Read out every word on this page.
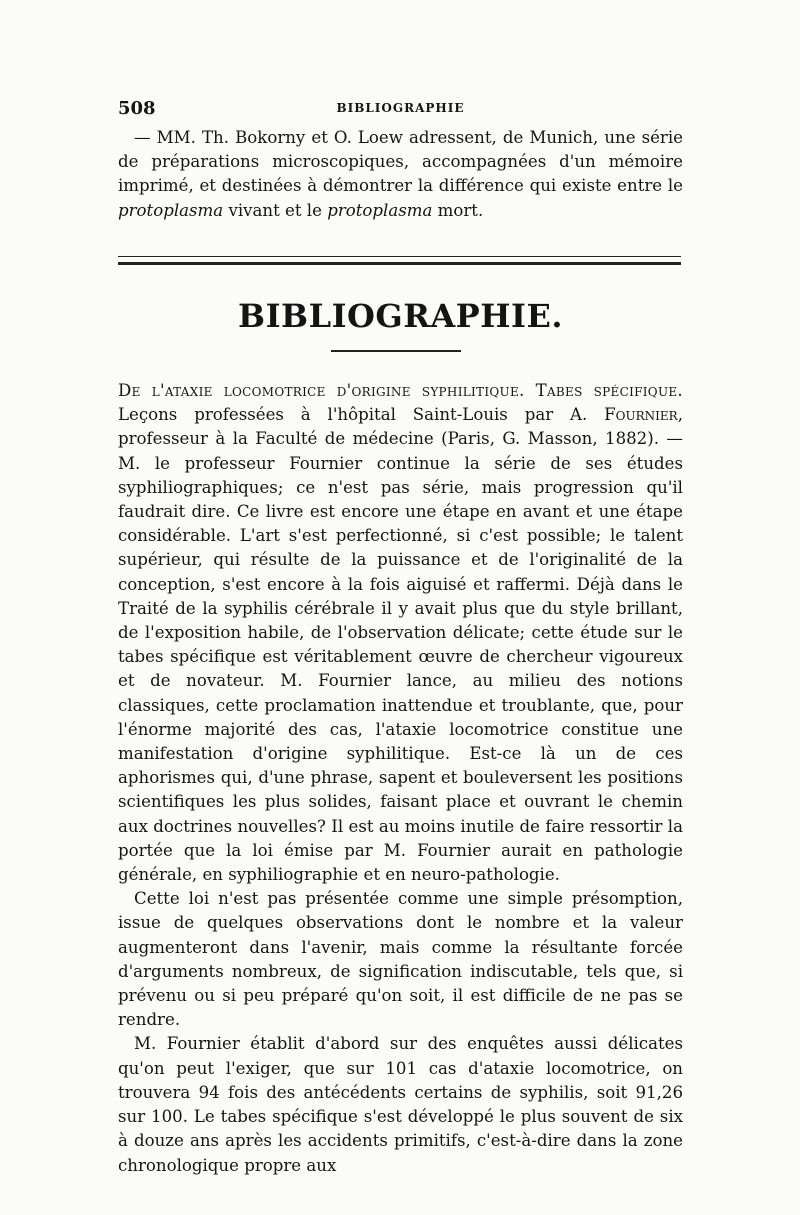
508	BIBLIOGRAPHIE

— MM. Th. Bokorny et O. Loew adressent, de Munich, une série de préparations microscopiques, accompagnées d'un mémoire imprimé, et destinées à démontrer la différence qui existe entre le protoplasma vivant et le protoplasma mort.

BIBLIOGRAPHIE.

De l'ataxie locomotrice d'origine syphilitique. Tabes spécifique. Leçons professées à l'hôpital Saint-Louis par A. Fournier, professeur à la Faculté de médecine (Paris, G. Masson, 1882). — M. le professeur Fournier continue la série de ses études syphiliographiques; ce n'est pas série, mais progression qu'il faudrait dire. Ce livre est encore une étape en avant et une étape considérable. L'art s'est perfectionné, si c'est possible; le talent supérieur, qui résulte de la puissance et de l'originalité de la conception, s'est encore à la fois aiguisé et raffermi. Déjà dans le Traité de la syphilis cérébrale il y avait plus que du style brillant, de l'exposition habile, de l'observation délicate; cette étude sur le tabes spécifique est véritablement œuvre de chercheur vigoureux et de novateur. M. Fournier lance, au milieu des notions classiques, cette proclamation inattendue et troublante, que, pour l'énorme majorité des cas, l'ataxie locomotrice constitue une manifestation d'origine syphilitique. Est-ce là un de ces aphorismes qui, d'une phrase, sapent et bouleversent les positions scientifiques les plus solides, faisant place et ouvrant le chemin aux doctrines nouvelles? Il est au moins inutile de faire ressortir la portée que la loi émise par M. Fournier aurait en pathologie générale, en syphiliographie et en neuro-pathologie.

Cette loi n'est pas présentée comme une simple présomption, issue de quelques observations dont le nombre et la valeur augmenteront dans l'avenir, mais comme la résultante forcée d'arguments nombreux, de signification indiscutable, tels que, si prévenu ou si peu préparé qu'on soit, il est difficile de ne pas se rendre.

M. Fournier établit d'abord sur des enquêtes aussi délicates qu'on peut l'exiger, que sur 101 cas d'ataxie locomotrice, on trouvera 94 fois des antécédents certains de syphilis, soit 91,26 sur 100. Le tabes spécifique s'est développé le plus souvent de six à douze ans après les accidents primitifs, c'est-à-dire dans la zone chronologique propre aux
